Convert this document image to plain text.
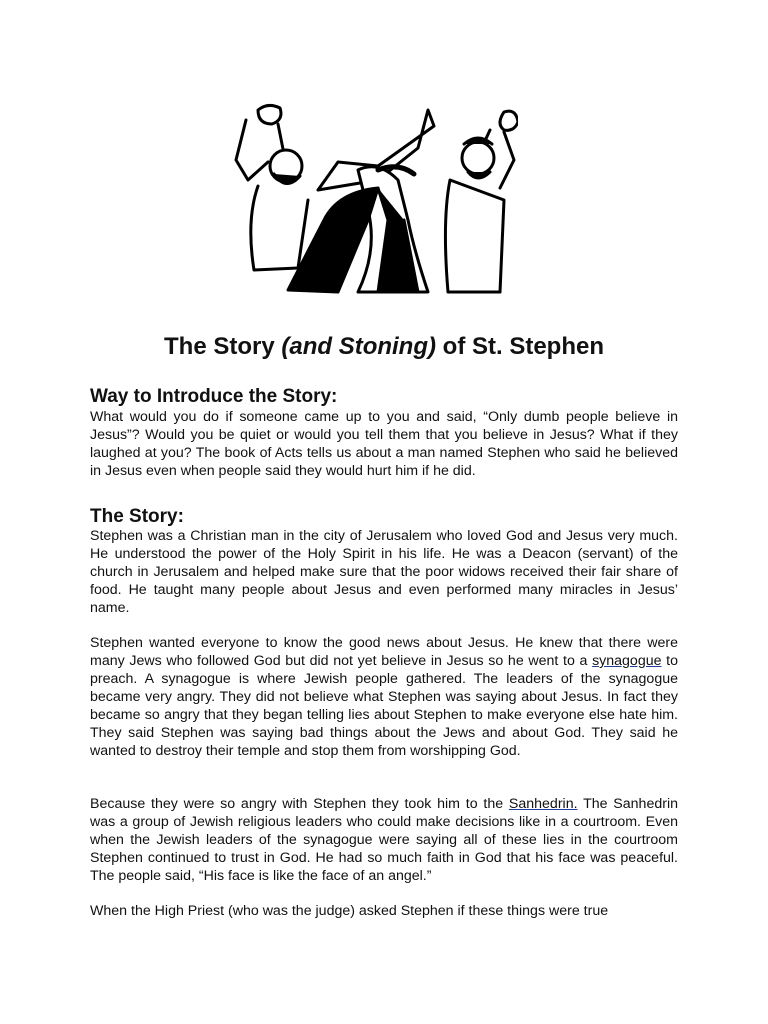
The Story (and Stoning) of St. Stephen
Way to Introduce the Story:

What would you do if someone came up to you and said, “Only dumb people believe in Jesus”? Would you be quiet or would you tell them that you believe in Jesus? What if they laughed at you? The book of Acts tells us about a man named Stephen who said he believed in Jesus even when people said they would hurt him if he did.

The Story:

Stephen was a Christian man in the city of Jerusalem who loved God and Jesus very much. He understood the power of the Holy Spirit in his life. He was a Deacon (servant) of the church in Jerusalem and helped make sure that the poor widows received their fair share of food. He taught many people about Jesus and even performed many miracles in Jesus’ name.

Stephen wanted everyone to know the good news about Jesus. He knew that there were many Jews who followed God but did not yet believe in Jesus so he went to a synagogue to preach. A synagogue is where Jewish people gathered. The leaders of the synagogue became very angry. They did not believe what Stephen was saying about Jesus. In fact they became so angry that they began telling lies about Stephen to make everyone else hate him. They said Stephen was saying bad things about the Jews and about God. They said he wanted to destroy their temple and stop them from worshipping God.

Because they were so angry with Stephen they took him to the Sanhedrin. The Sanhedrin was a group of Jewish religious leaders who could make decisions like in a courtroom. Even when the Jewish leaders of the synagogue were saying all of these lies in the courtroom Stephen continued to trust in God. He had so much faith in God that his face was peaceful. The people said, “His face is like the face of an angel.”

When the High Priest (who was the judge) asked Stephen if these things were true
